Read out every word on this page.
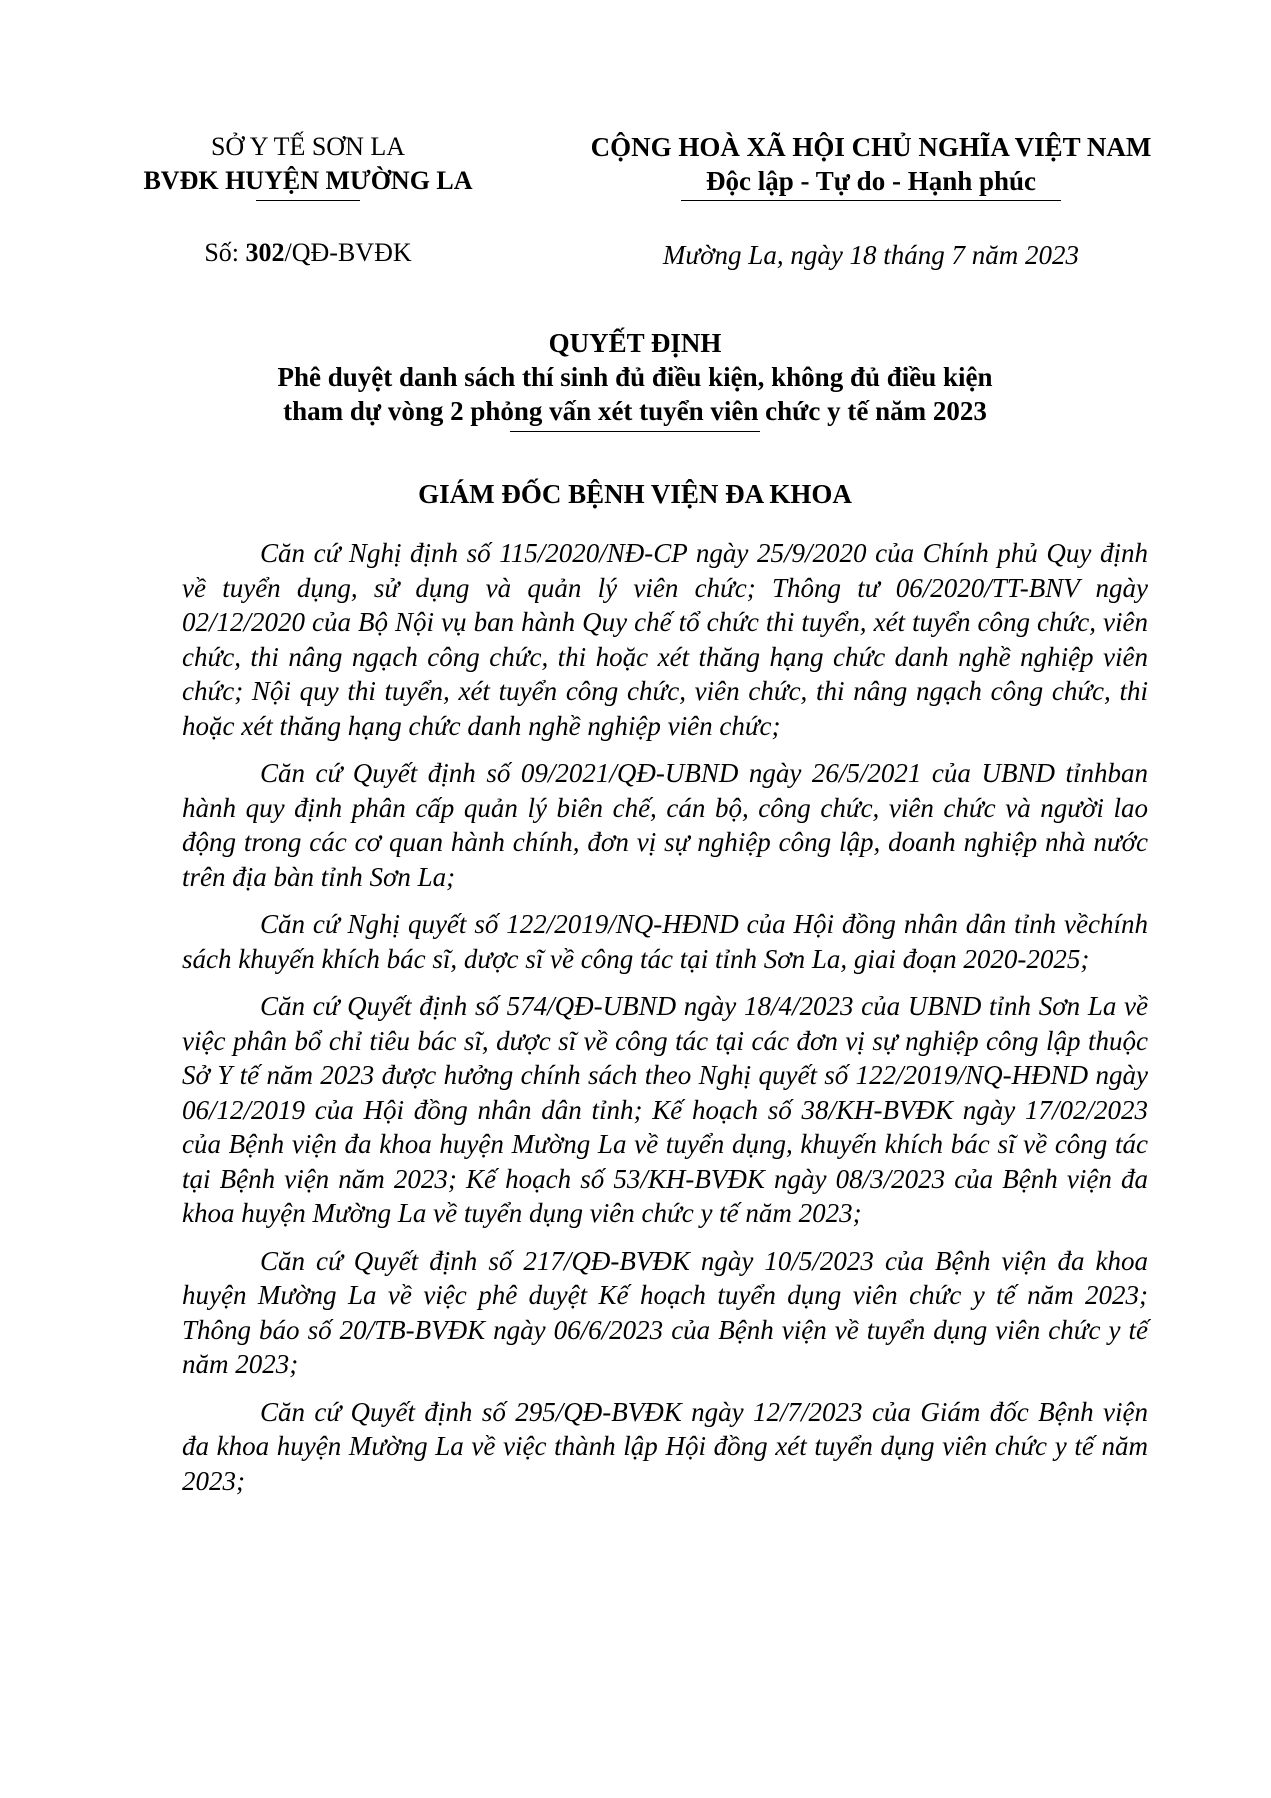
SỞ Y TẾ SƠN LA
BVĐK HUYỆN MƯỜNG LA
CỘNG HOÀ XÃ HỘI CHỦ NGHĨA VIỆT NAM
Độc lập - Tự do - Hạnh phúc
Số: 302/QĐ-BVĐK	Mường La, ngày 18 tháng 7 năm 2023
QUYẾT ĐỊNH
Phê duyệt danh sách thí sinh đủ điều kiện, không đủ điều kiện
tham dự vòng 2 phỏng vấn xét tuyển viên chức y tế năm 2023
GIÁM ĐỐC BỆNH VIỆN ĐA KHOA

Căn cứ Nghị định số 115/2020/NĐ-CP ngày 25/9/2020 của Chính phủ Quy định về tuyển dụng, sử dụng và quản lý viên chức; Thông tư 06/2020/TT-BNV ngày 02/12/2020 của Bộ Nội vụ ban hành Quy chế tổ chức thi tuyển, xét tuyển công chức, viên chức, thi nâng ngạch công chức, thi hoặc xét thăng hạng chức danh nghề nghiệp viên chức; Nội quy thi tuyển, xét tuyển công chức, viên chức, thi nâng ngạch công chức, thi hoặc xét thăng hạng chức danh nghề nghiệp viên chức;

Căn cứ Quyết định số 09/2021/QĐ-UBND ngày 26/5/2021 của UBND tỉnhban hành quy định phân cấp quản lý biên chế, cán bộ, công chức, viên chức và người lao động trong các cơ quan hành chính, đơn vị sự nghiệp công lập, doanh nghiệp nhà nước trên địa bàn tỉnh Sơn La;

Căn cứ Nghị quyết số 122/2019/NQ-HĐND của Hội đồng nhân dân tỉnh vềchính sách khuyến khích bác sĩ, dược sĩ về công tác tại tỉnh Sơn La, giai đoạn 2020-2025;

Căn cứ Quyết định số 574/QĐ-UBND ngày 18/4/2023 của UBND tỉnh Sơn La về việc phân bổ chỉ tiêu bác sĩ, dược sĩ về công tác tại các đơn vị sự nghiệp công lập thuộc Sở Y tế năm 2023 được hưởng chính sách theo Nghị quyết số 122/2019/NQ-HĐND ngày 06/12/2019 của Hội đồng nhân dân tỉnh; Kế hoạch số 38/KH-BVĐK ngày 17/02/2023 của Bệnh viện đa khoa huyện Mường La về tuyển dụng, khuyến khích bác sĩ về công tác tại Bệnh viện năm 2023; Kế hoạch số 53/KH-BVĐK ngày 08/3/2023 của Bệnh viện đa khoa huyện Mường La về tuyển dụng viên chức y tế năm 2023;

Căn cứ Quyết định số 217/QĐ-BVĐK ngày 10/5/2023 của Bệnh viện đa khoa huyện Mường La về việc phê duyệt Kế hoạch tuyển dụng viên chức y tế năm 2023; Thông báo số 20/TB-BVĐK ngày 06/6/2023 của Bệnh viện về tuyển dụng viên chức y tế năm 2023;

Căn cứ Quyết định số 295/QĐ-BVĐK ngày 12/7/2023 của Giám đốc Bệnh viện đa khoa huyện Mường La về việc thành lập Hội đồng xét tuyển dụng viên chức y tế năm 2023;
